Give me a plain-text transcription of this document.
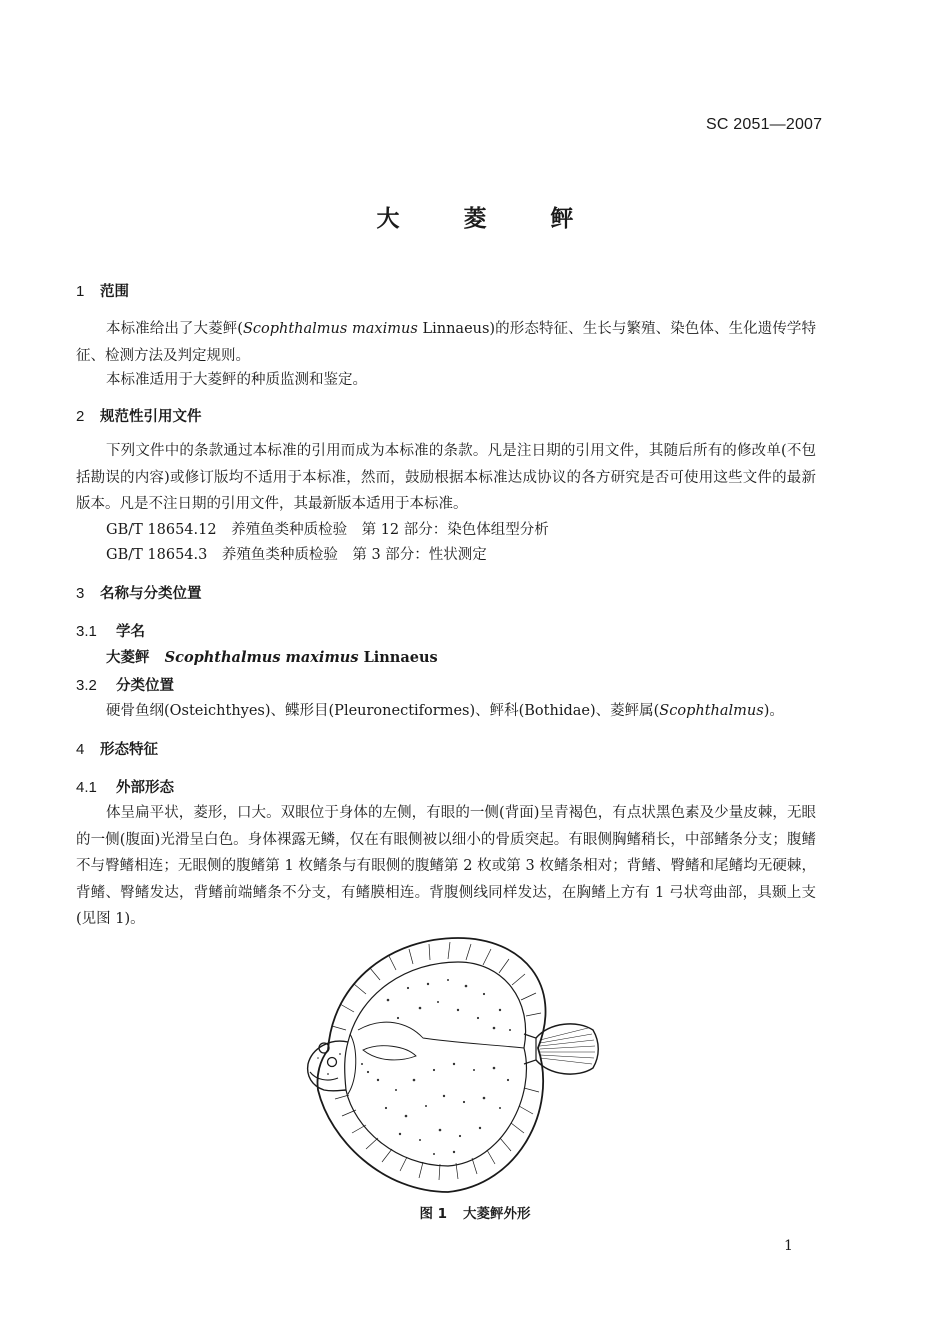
SC 2051—2007
大 菱 鲆
1 范围
本标准给出了大菱鲆(Scophthalmus maximus Linnaeus)的形态特征、生长与繁殖、染色体、生化遗传学特征、检测方法及判定规则。
本标准适用于大菱鲆的种质监测和鉴定。
2 规范性引用文件
下列文件中的条款通过本标准的引用而成为本标准的条款。凡是注日期的引用文件，其随后所有的修改单(不包括勘误的内容)或修订版均不适用于本标准，然而，鼓励根据本标准达成协议的各方研究是否可使用这些文件的最新版本。凡是不注日期的引用文件，其最新版本适用于本标准。
GB/T 18654.12　养殖鱼类种质检验　第 12 部分：染色体组型分析
GB/T 18654.3　养殖鱼类种质检验　第 3 部分：性状测定
3 名称与分类位置
3.1 学名
大菱鲆 Scophthalmus maximus Linnaeus
3.2 分类位置
硬骨鱼纲(Osteichthyes)、鲽形目(Pleuronectiformes)、鲆科(Bothidae)、菱鲆属(Scophthalmus)。
4 形态特征
4.1 外部形态
体呈扁平状，菱形，口大。双眼位于身体的左侧，有眼的一侧(背面)呈青褐色，有点状黑色素及少量皮棘，无眼的一侧(腹面)光滑呈白色。身体裸露无鳞，仅在有眼侧被以细小的骨质突起。有眼侧胸鳍稍长，中部鳍条分支；腹鳍不与臀鳍相连；无眼侧的腹鳍第 1 枚鳍条与有眼侧的腹鳍第 2 枚或第 3 枚鳍条相对；背鳍、臀鳍和尾鳍均无硬棘，背鳍、臀鳍发达，背鳍前端鳍条不分支，有鳍膜相连。背腹侧线同样发达，在胸鳍上方有 1 弓状弯曲部，具颞上支(见图 1)。
图 1 大菱鲆外形
1
